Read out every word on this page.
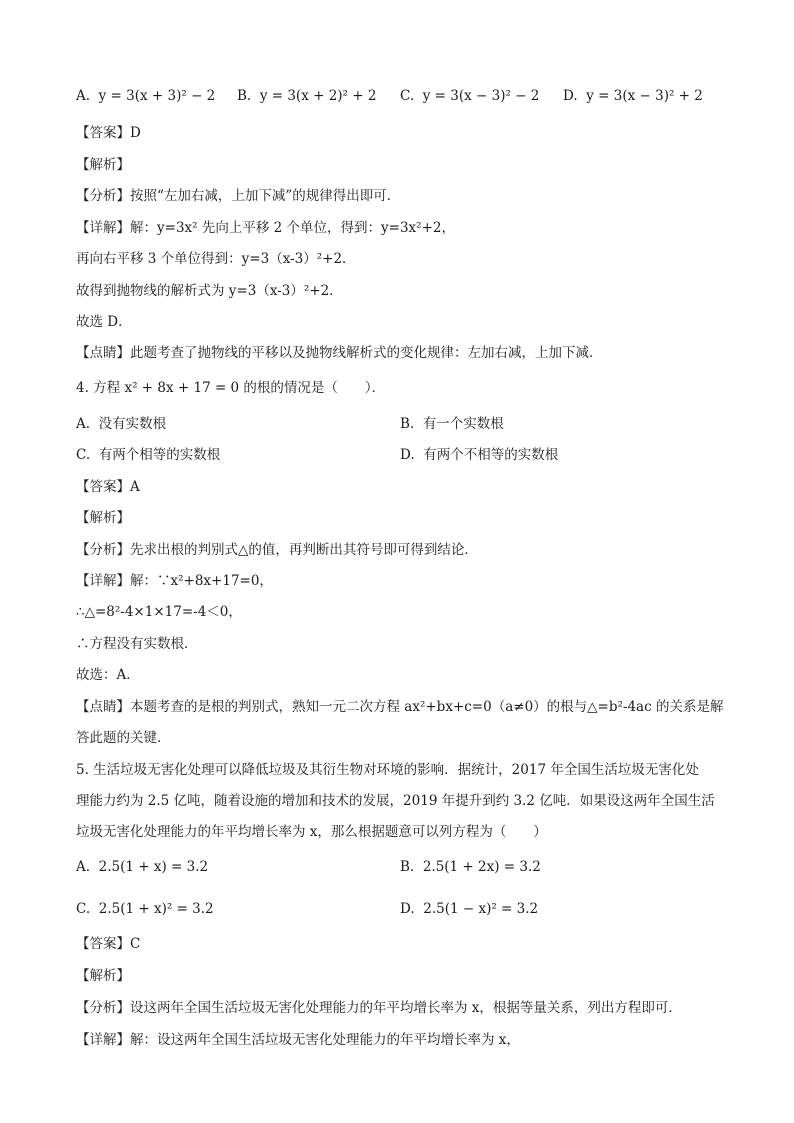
A. y = 3(x + 3)² − 2 B. y = 3(x + 2)² + 2 C. y = 3(x − 3)² − 2 D. y = 3(x − 3)² + 2
【答案】D
【解析】
【分析】按照“左加右减，上加下减”的规律得出即可．
【详解】解：y=3x² 先向上平移 2 个单位，得到：y=3x²+2，
再向右平移 3 个单位得到：y=3（x-3）²+2．
故得到抛物线的解析式为 y=3（x-3）²+2．
故选 D．
【点睛】此题考查了抛物线的平移以及抛物线解析式的变化规律：左加右减，上加下减．
4. 方程 x² + 8x + 17 = 0 的根的情况是（　　）．
A. 没有实数根	B. 有一个实数根
C. 有两个相等的实数根	D. 有两个不相等的实数根
【答案】A
【解析】
【分析】先求出根的判别式△的值，再判断出其符号即可得到结论．
【详解】解：∵x²+8x+17=0，
∴△=8²-4×1×17=-4＜0，
∴方程没有实数根．
故选：A．
【点睛】本题考查的是根的判别式，熟知一元二次方程 ax²+bx+c=0（a≠0）的根与△=b²-4ac 的关系是解
答此题的关键．
5. 生活垃圾无害化处理可以降低垃圾及其衍生物对环境的影响．据统计，2017 年全国生活垃圾无害化处
理能力约为 2.5 亿吨，随着设施的增加和技术的发展，2019 年提升到约 3.2 亿吨．如果设这两年全国生活
垃圾无害化处理能力的年平均增长率为 x，那么根据题意可以列方程为（　　）
A. 2.5(1 + x) = 3.2	B. 2.5(1 + 2x) = 3.2
C. 2.5(1 + x)² = 3.2	D. 2.5(1 − x)² = 3.2
【答案】C
【解析】
【分析】设这两年全国生活垃圾无害化处理能力的年平均增长率为 x，根据等量关系，列出方程即可．
【详解】解：设这两年全国生活垃圾无害化处理能力的年平均增长率为 x，
